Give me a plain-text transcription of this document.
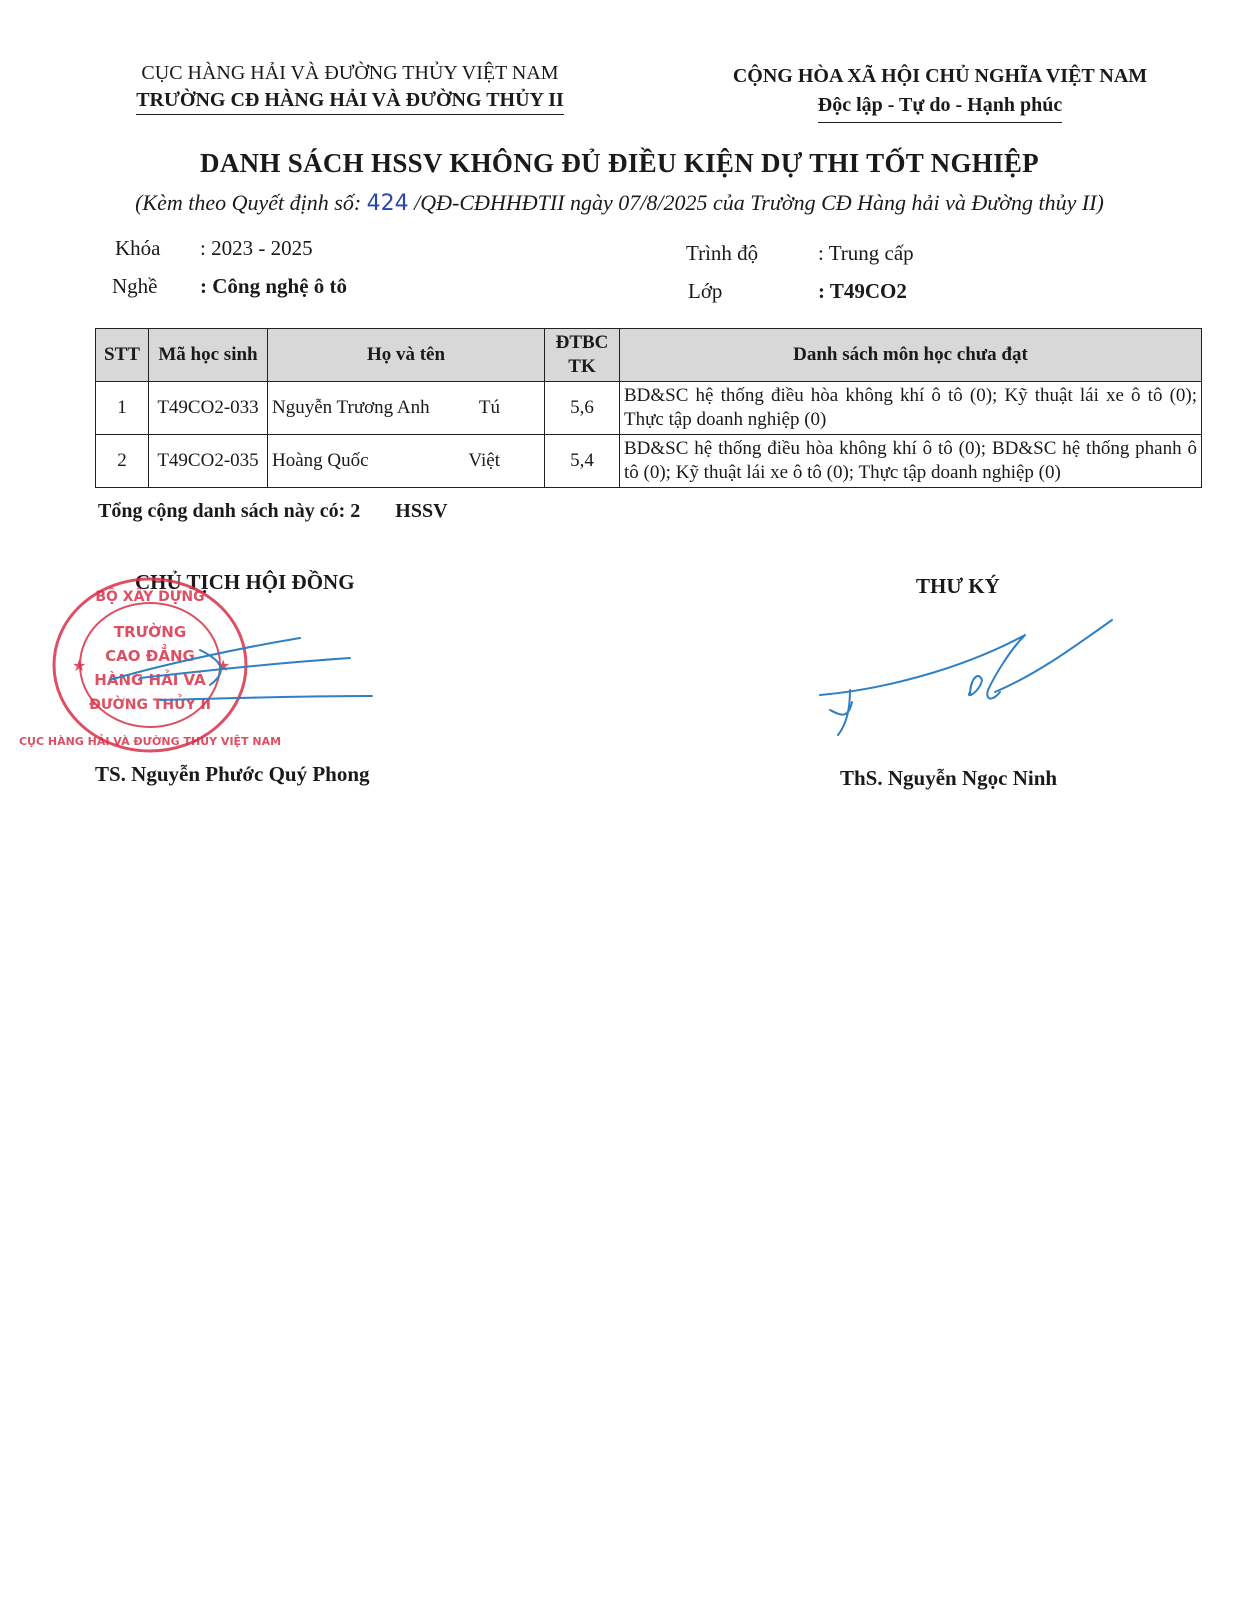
CỤC HÀNG HẢI VÀ ĐƯỜNG THỦY VIỆT NAM
TRƯỜNG CĐ HÀNG HẢI VÀ ĐƯỜNG THỦY II
CỘNG HÒA XÃ HỘI CHỦ NGHĨA VIỆT NAM
Độc lập - Tự do - Hạnh phúc
DANH SÁCH HSSV KHÔNG ĐỦ ĐIỀU KIỆN DỰ THI TỐT NGHIỆP
(Kèm theo Quyết định số: 424 /QĐ-CĐHHĐTII ngày 07/8/2025 của Trường CĐ Hàng hải và Đường thủy II)
Khóa : 2023 - 2025
Nghề : Công nghệ ô tô
Trình độ	: Trung cấp
Lớp	: T49CO2
STT	Mã học sinh	Họ và tên	ĐTBC TK	Danh sách môn học chưa đạt
1	T49CO2-033	Nguyễn Trương Anh Tú	5,6	BD&SC hệ thống điều hòa không khí ô tô (0); Kỹ thuật lái xe ô tô (0); Thực tập doanh nghiệp (0)
2	T49CO2-035	Hoàng Quốc Việt	5,4	BD&SC hệ thống điều hòa không khí ô tô (0); BD&SC hệ thống phanh ô tô (0); Kỹ thuật lái xe ô tô (0); Thực tập doanh nghiệp (0)
Tổng cộng danh sách này có: 2       HSSV
CHỦ TỊCH HỘI ĐỒNG	THƯ KÝ
BỘ XÂY DỰNG
CỤC HÀNG HẢI VÀ ĐƯỜNG THỦY VIỆT NAM
TRƯỜNG
CAO ĐẲNG
HÀNG HẢI VÀ
ĐƯỜNG THỦY II
★	★
TS. Nguyễn Phước Quý Phong	ThS. Nguyễn Ngọc Ninh
